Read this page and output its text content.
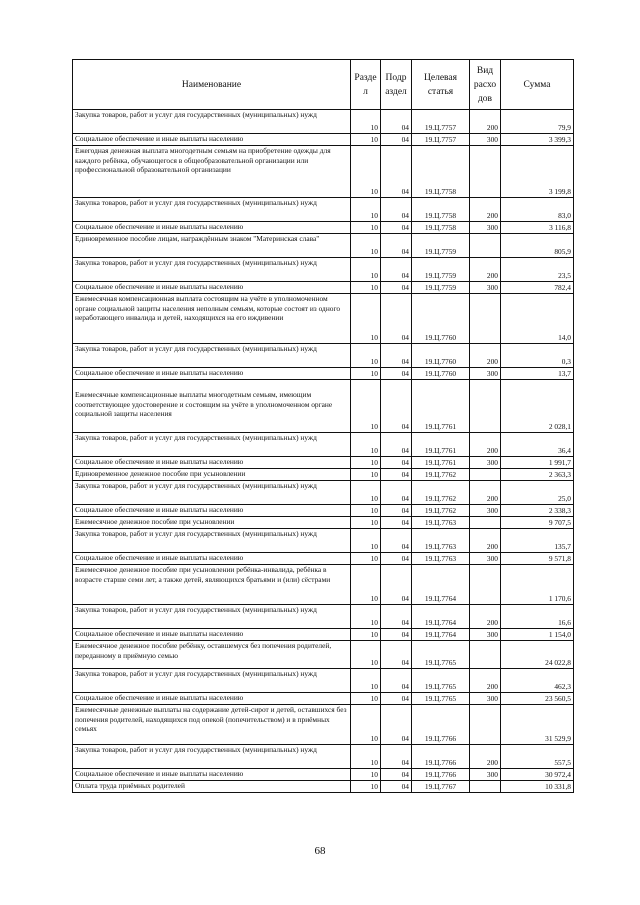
Наименование	Разде л	Подр аздел	Целевая статья	Вид расхо дов	Сумма
Закупка товаров, работ и услуг для государственных (муниципальных) нужд	10	04	19.Ц.7757	200	79,9
Социальное обеспечение и иные выплаты населению	10	04	19.Ц.7757	300	3 399,3
Ежегодная денежная выплата многодетным семьям на приобретение одежды для каждого ребёнка, обучающегося в общеобразовательной организации или профессиональной образовательной организации	10	04	19.Ц.7758		3 199,8
Закупка товаров, работ и услуг для государственных (муниципальных) нужд	10	04	19.Ц.7758	200	83,0
Социальное обеспечение и иные выплаты населению	10	04	19.Ц.7758	300	3 116,8
Единовременное пособие лицам, награждённым знаком "Материнская слава"	10	04	19.Ц.7759		805,9
Закупка товаров, работ и услуг для государственных (муниципальных) нужд	10	04	19.Ц.7759	200	23,5
Социальное обеспечение и иные выплаты населению	10	04	19.Ц.7759	300	782,4
Ежемесячная компенсационная выплата состоящим на учёте в уполномоченном органе социальной защиты населения неполным семьям, которые состоят из одного неработающего инвалида и детей, находящихся на его иждивении	10	04	19.Ц.7760		14,0
Закупка товаров, работ и услуг для государственных (муниципальных) нужд	10	04	19.Ц.7760	200	0,3
Социальное обеспечение и иные выплаты населению	10	04	19.Ц.7760	300	13,7
Ежемесячные компенсационные выплаты многодетным семьям, имеющим соответствующее удостоверение и состоящим на учёте в уполномоченном органе социальной защиты населения	10	04	19.Ц.7761		2 028,1
Закупка товаров, работ и услуг для государственных (муниципальных) нужд	10	04	19.Ц.7761	200	36,4
Социальное обеспечение и иные выплаты населению	10	04	19.Ц.7761	300	1 991,7
Единовременное денежное пособие при усыновлении	10	04	19.Ц.7762		2 363,3
Закупка товаров, работ и услуг для государственных (муниципальных) нужд	10	04	19.Ц.7762	200	25,0
Социальное обеспечение и иные выплаты населению	10	04	19.Ц.7762	300	2 338,3
Ежемесячное денежное пособие при усыновлении	10	04	19.Ц.7763		9 707,5
Закупка товаров, работ и услуг для государственных (муниципальных) нужд	10	04	19.Ц.7763	200	135,7
Социальное обеспечение и иные выплаты населению	10	04	19.Ц.7763	300	9 571,8
Ежемесячное денежное пособие при усыновлении ребёнка-инвалида, ребёнка в возрасте старше семи лет, а также детей, являющихся братьями и (или) сёстрами	10	04	19.Ц.7764		1 170,6
Закупка товаров, работ и услуг для государственных (муниципальных) нужд	10	04	19.Ц.7764	200	16,6
Социальное обеспечение и иные выплаты населению	10	04	19.Ц.7764	300	1 154,0
Ежемесячное денежное пособие ребёнку, оставшемуся без попечения родителей, переданному в приёмную семью	10	04	19.Ц.7765		24 022,8
Закупка товаров, работ и услуг для государственных (муниципальных) нужд	10	04	19.Ц.7765	200	462,3
Социальное обеспечение и иные выплаты населению	10	04	19.Ц.7765	300	23 560,5
Ежемесячные денежные выплаты на содержание детей-сирот и детей, оставшихся без попечения родителей, находящихся под опекой (попечительством) и в приёмных семьях	10	04	19.Ц.7766		31 529,9
Закупка товаров, работ и услуг для государственных (муниципальных) нужд	10	04	19.Ц.7766	200	557,5
Социальное обеспечение и иные выплаты населению	10	04	19.Ц.7766	300	30 972,4
Оплата труда приёмных родителей	10	04	19.Ц.7767		10 331,8
68
